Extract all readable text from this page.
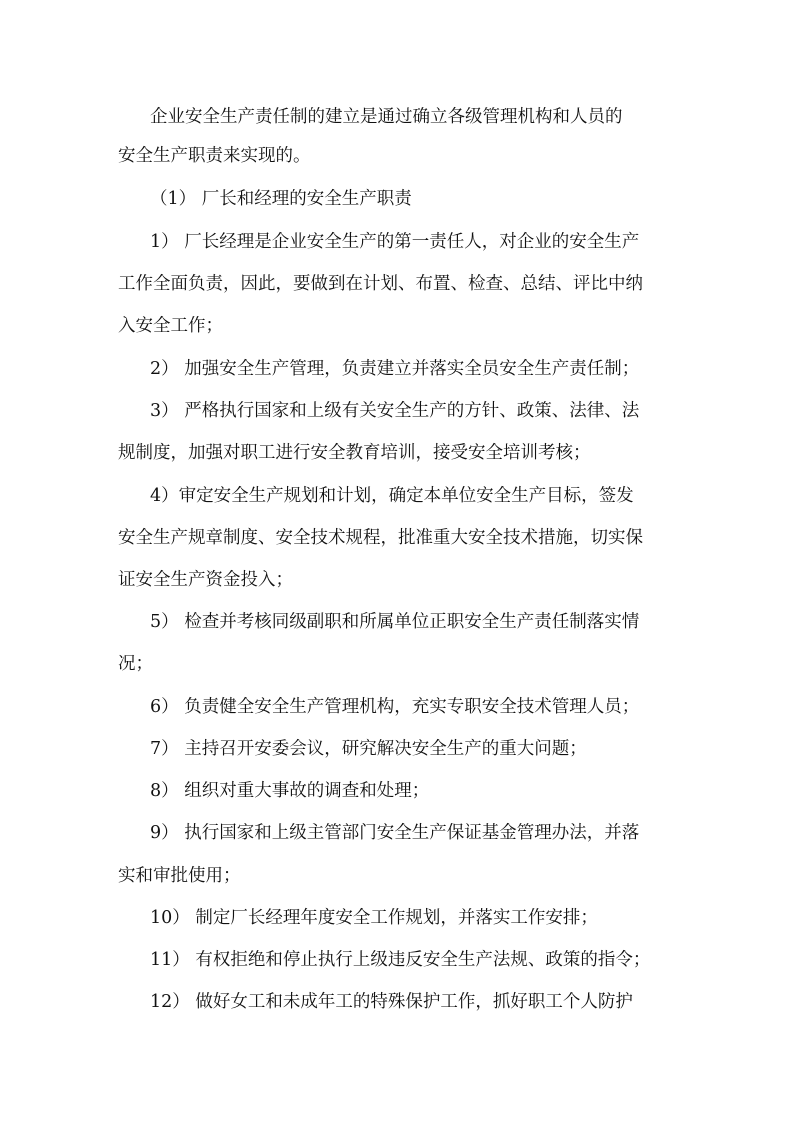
企业安全生产责任制的建立是通过确立各级管理机构和人员的
安全生产职责来实现的。
（1） 厂长和经理的安全生产职责
1） 厂长经理是企业安全生产的第一责任人，对企业的安全生产
工作全面负责，因此，要做到在计划、布置、检查、总结、评比中纳
入安全工作；
2） 加强安全生产管理，负责建立并落实全员安全生产责任制；
3） 严格执行国家和上级有关安全生产的方针、政策、法律、法
规制度，加强对职工进行安全教育培训，接受安全培训考核；
4）审定安全生产规划和计划，确定本单位安全生产目标，签发
安全生产规章制度、安全技术规程，批准重大安全技术措施，切实保
证安全生产资金投入；
5） 检查并考核同级副职和所属单位正职安全生产责任制落实情
况；
6） 负责健全安全生产管理机构，充实专职安全技术管理人员；
7） 主持召开安委会议，研究解决安全生产的重大问题；
8） 组织对重大事故的调查和处理；
9） 执行国家和上级主管部门安全生产保证基金管理办法，并落
实和审批使用；
10） 制定厂长经理年度安全工作规划，并落实工作安排；
11） 有权拒绝和停止执行上级违反安全生产法规、政策的指令；
12） 做好女工和未成年工的特殊保护工作，抓好职工个人防护
